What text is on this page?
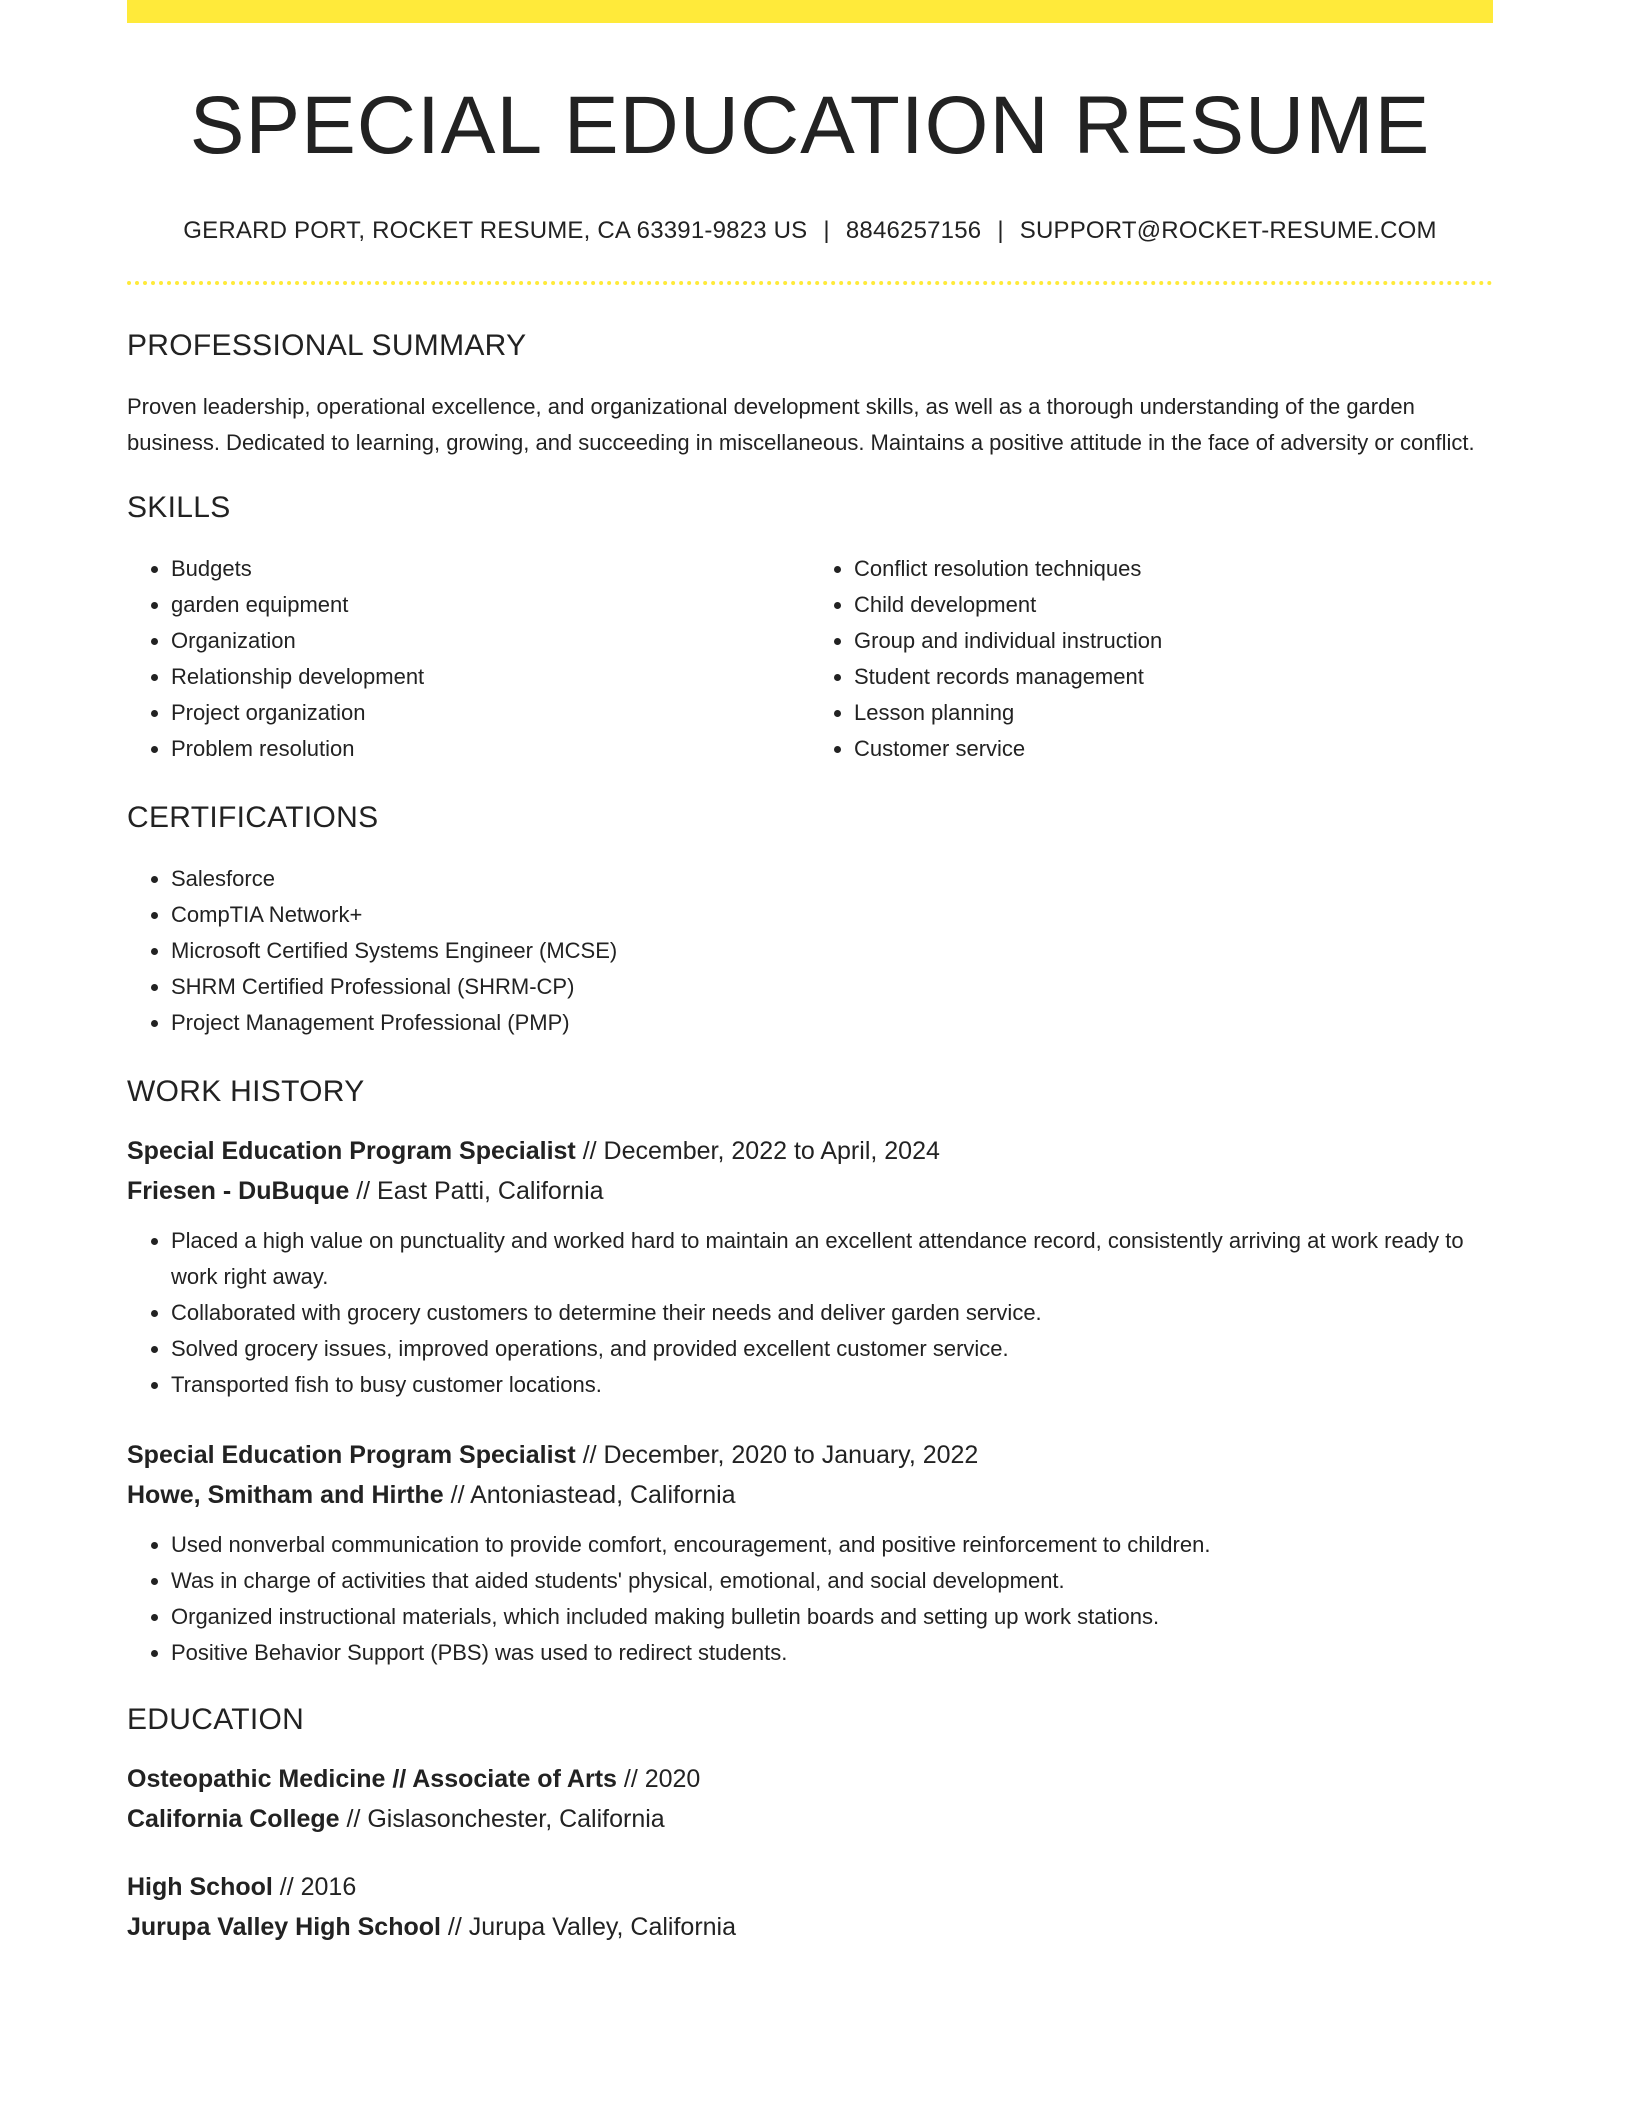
SPECIAL EDUCATION RESUME
GERARD PORT, ROCKET RESUME, CA 63391-9823 US | 8846257156 | SUPPORT@ROCKET-RESUME.COM
PROFESSIONAL SUMMARY
Proven leadership, operational excellence, and organizational development skills, as well as a thorough understanding of the garden business. Dedicated to learning, growing, and succeeding in miscellaneous. Maintains a positive attitude in the face of adversity or conflict.
SKILLS
• Budgets
• garden equipment
• Organization
• Relationship development
• Project organization
• Problem resolution
• Conflict resolution techniques
• Child development
• Group and individual instruction
• Student records management
• Lesson planning
• Customer service
CERTIFICATIONS
• Salesforce
• CompTIA Network+
• Microsoft Certified Systems Engineer (MCSE)
• SHRM Certified Professional (SHRM-CP)
• Project Management Professional (PMP)
WORK HISTORY
Special Education Program Specialist // December, 2022 to April, 2024
Friesen - DuBuque // East Patti, California
• Placed a high value on punctuality and worked hard to maintain an excellent attendance record, consistently arriving at work ready to work right away.
• Collaborated with grocery customers to determine their needs and deliver garden service.
• Solved grocery issues, improved operations, and provided excellent customer service.
• Transported fish to busy customer locations.
Special Education Program Specialist // December, 2020 to January, 2022
Howe, Smitham and Hirthe // Antoniastead, California
• Used nonverbal communication to provide comfort, encouragement, and positive reinforcement to children.
• Was in charge of activities that aided students' physical, emotional, and social development.
• Organized instructional materials, which included making bulletin boards and setting up work stations.
• Positive Behavior Support (PBS) was used to redirect students.
EDUCATION
Osteopathic Medicine // Associate of Arts // 2020
California College // Gislasonchester, California
High School // 2016
Jurupa Valley High School // Jurupa Valley, California
